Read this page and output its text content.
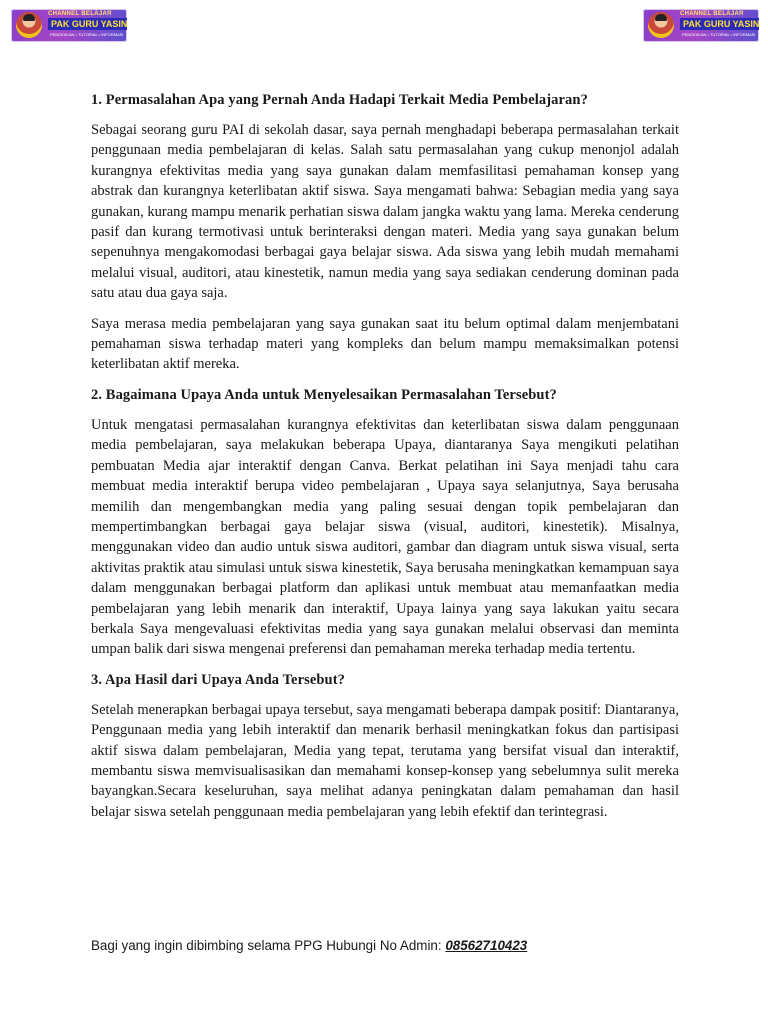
CHANNEL BELAJAR
PAK GURU YASIN
PENDIDIKAN • TUTORIAL • INFORMASI
CHANNEL BELAJAR
PAK GURU YASIN
PENDIDIKAN • TUTORIAL • INFORMASI
1. Permasalahan Apa yang Pernah Anda Hadapi Terkait Media Pembelajaran?

Sebagai seorang guru PAI di sekolah dasar, saya pernah menghadapi beberapa permasalahan terkait penggunaan media pembelajaran di kelas. Salah satu permasalahan yang cukup menonjol adalah kurangnya efektivitas media yang saya gunakan dalam memfasilitasi pemahaman konsep yang abstrak dan kurangnya keterlibatan aktif siswa. Saya mengamati bahwa: Sebagian media yang saya gunakan, kurang mampu menarik perhatian siswa dalam jangka waktu yang lama. Mereka cenderung pasif dan kurang termotivasi untuk berinteraksi dengan materi. Media yang saya gunakan belum sepenuhnya mengakomodasi berbagai gaya belajar siswa. Ada siswa yang lebih mudah memahami melalui visual, auditori, atau kinestetik, namun media yang saya sediakan cenderung dominan pada satu atau dua gaya saja.

Saya merasa media pembelajaran yang saya gunakan saat itu belum optimal dalam menjembatani pemahaman siswa terhadap materi yang kompleks dan belum mampu memaksimalkan potensi keterlibatan aktif mereka.

2. Bagaimana Upaya Anda untuk Menyelesaikan Permasalahan Tersebut?

Untuk mengatasi permasalahan kurangnya efektivitas dan keterlibatan siswa dalam penggunaan media pembelajaran, saya melakukan beberapa Upaya, diantaranya Saya mengikuti pelatihan pembuatan Media ajar interaktif dengan Canva. Berkat pelatihan ini Saya menjadi tahu cara membuat media interaktif berupa video pembelajaran , Upaya saya selanjutnya, Saya berusaha memilih dan mengembangkan media yang paling sesuai dengan topik pembelajaran dan mempertimbangkan berbagai gaya belajar siswa (visual, auditori, kinestetik). Misalnya, menggunakan video dan audio untuk siswa auditori, gambar dan diagram untuk siswa visual, serta aktivitas praktik atau simulasi untuk siswa kinestetik, Saya berusaha meningkatkan kemampuan saya dalam menggunakan berbagai platform dan aplikasi untuk membuat atau memanfaatkan media pembelajaran yang lebih menarik dan interaktif, Upaya lainya yang saya lakukan yaitu secara berkala Saya mengevaluasi efektivitas media yang saya gunakan melalui observasi dan meminta umpan balik dari siswa mengenai preferensi dan pemahaman mereka terhadap media tertentu.

3. Apa Hasil dari Upaya Anda Tersebut?

Setelah menerapkan berbagai upaya tersebut, saya mengamati beberapa dampak positif: Diantaranya, Penggunaan media yang lebih interaktif dan menarik berhasil meningkatkan fokus dan partisipasi aktif siswa dalam pembelajaran, Media yang tepat, terutama yang bersifat visual dan interaktif, membantu siswa memvisualisasikan dan memahami konsep-konsep yang sebelumnya sulit mereka bayangkan.Secara keseluruhan, saya melihat adanya peningkatan dalam pemahaman dan hasil belajar siswa setelah penggunaan media pembelajaran yang lebih efektif dan terintegrasi.

Bagi yang ingin dibimbing selama PPG Hubungi No Admin: 08562710423
